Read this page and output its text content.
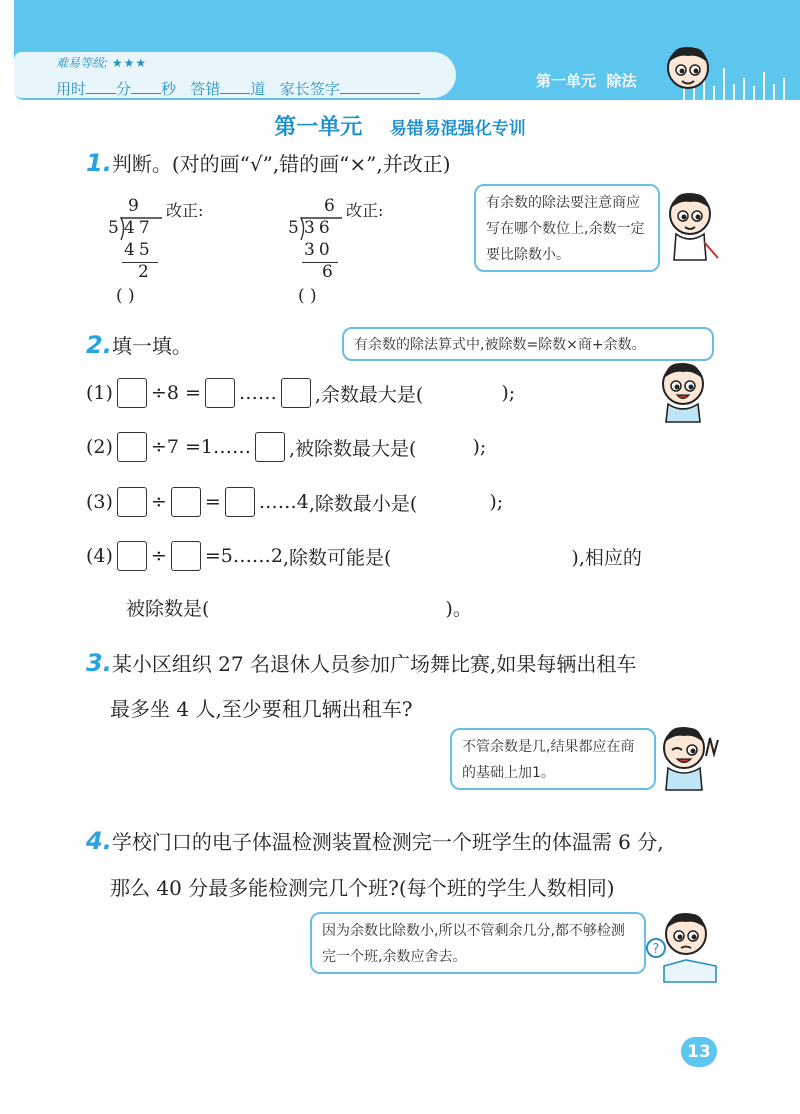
难易等级: ★★★
用时 分 秒 答错 道 家长签字	第一单元 除法
第一单元 易错易混强化专训
1.判断。(对的画“√”,错的画“×”,并改正)
9
5 47
45
2
改正:
( )
6
5 36
30
6
改正:
( )
有余数的除法要注意商应写在哪个数位上,余数一定要比除数小。
2.填一填。	有余数的除法算式中,被除数=除数×商+余数。
(1) ÷8 = …… ,余数最大是(	);
(2) ÷7 =1…… ,被除数最大是(	);
(3) ÷ = ……4 ,除数最小是(	);
(4) ÷ =5……2 ,除数可能是(	),相应的
被除数是(	)。
3.某小区组织 27 名退休人员参加广场舞比赛,如果每辆出租车
最多坐 4 人,至少要租几辆出租车?
不管余数是几,结果都应在商的基础上加1。
4.学校门口的电子体温检测装置检测完一个班学生的体温需 6 分,
那么 40 分最多能检测完几个班?(每个班的学生人数相同)
因为余数比除数小,所以不管剩余几分,都不够检测完一个班,余数应舍去。	?
13
